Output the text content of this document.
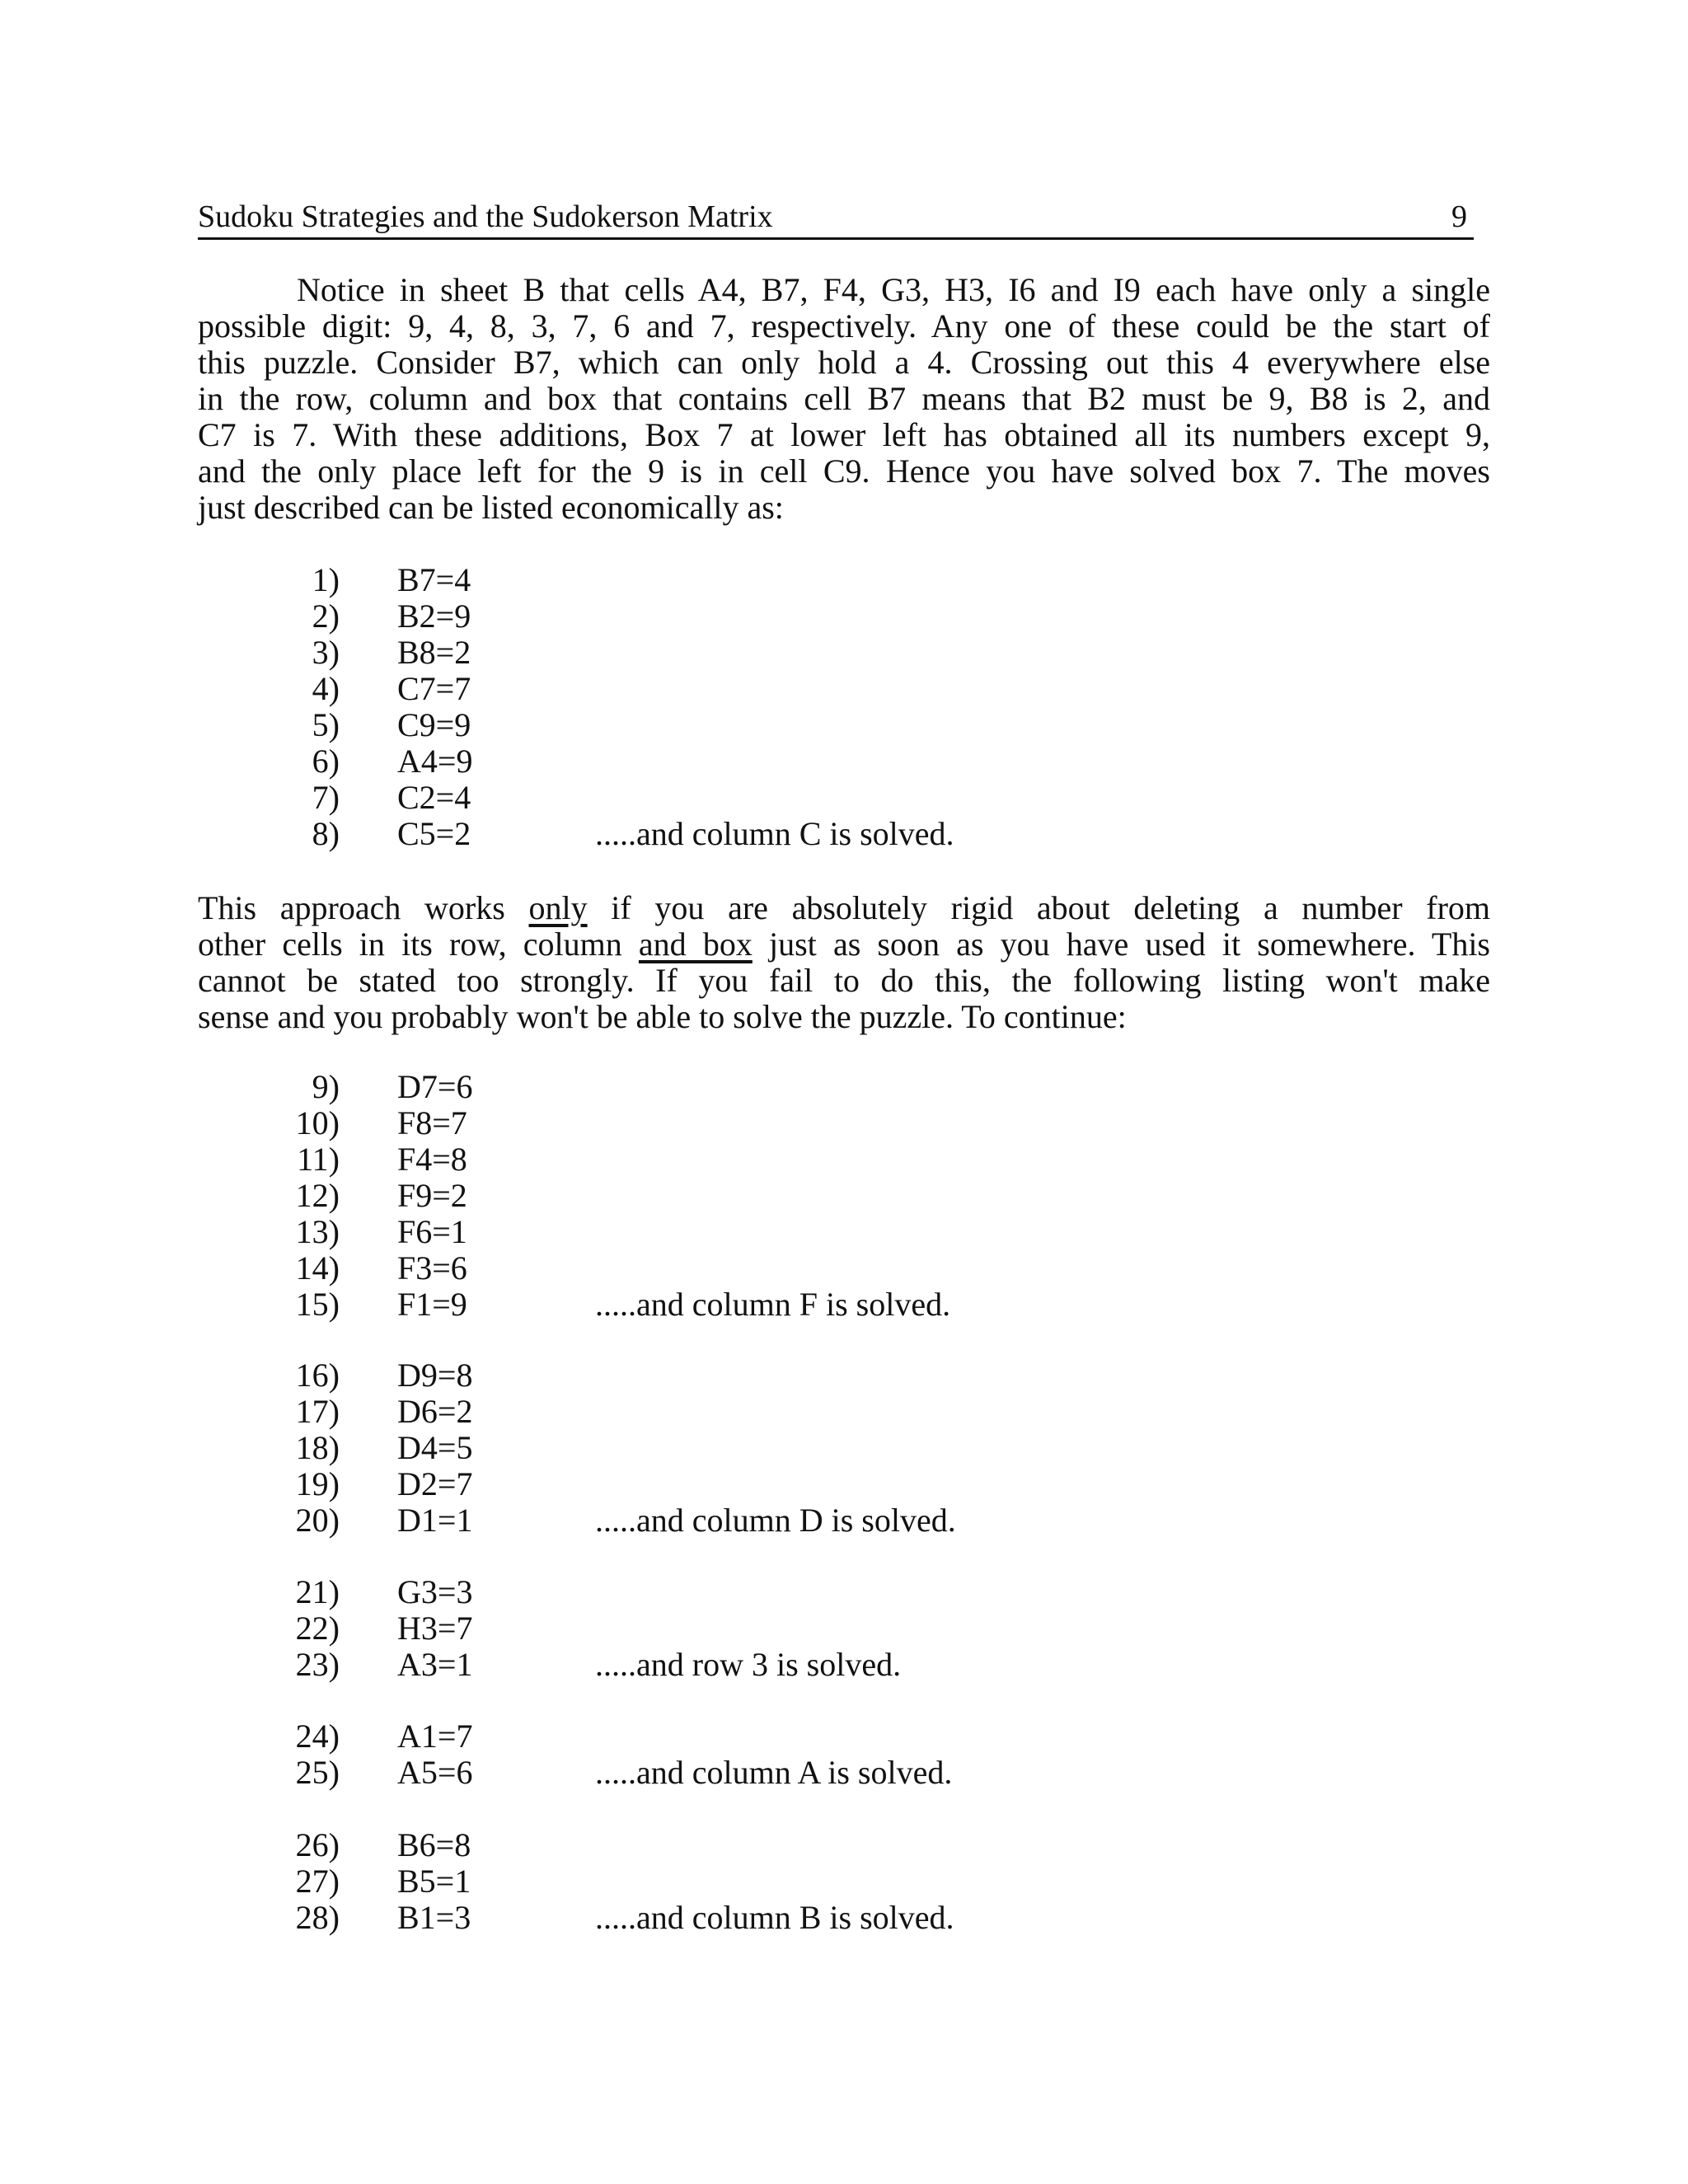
Sudoku Strategies and the Sudokerson Matrix	9
Notice in sheet B that cells A4, B7, F4, G3, H3, I6 and I9 each have only a single
possible digit: 9, 4, 8, 3, 7, 6 and 7, respectively. Any one of these could be the start of
this puzzle. Consider B7, which can only hold a 4. Crossing out this 4 everywhere else
in the row, column and box that contains cell B7 means that B2 must be 9, B8 is 2, and
C7 is 7. With these additions, Box 7 at lower left has obtained all its numbers except 9,
and the only place left for the 9 is in cell C9. Hence you have solved box 7. The moves
just described can be listed economically as:
1) B7=4
2) B2=9
3) B8=2
4) C7=7
5) C9=9
6) A4=9
7) C2=4
8) C5=2	.....and column C is solved.
This approach works only if you are absolutely rigid about deleting a number from
other cells in its row, column and box just as soon as you have used it somewhere. This
cannot be stated too strongly. If you fail to do this, the following listing won't make
sense and you probably won't be able to solve the puzzle. To continue:
9) D7=6
10) F8=7
11) F4=8
12) F9=2
13) F6=1
14) F3=6
15) F1=9	.....and column F is solved.
16) D9=8
17) D6=2
18) D4=5
19) D2=7
20) D1=1	.....and column D is solved.
21) G3=3
22) H3=7
23) A3=1	.....and row 3 is solved.
24) A1=7
25) A5=6	.....and column A is solved.
26) B6=8
27) B5=1
28) B1=3	.....and column B is solved.
